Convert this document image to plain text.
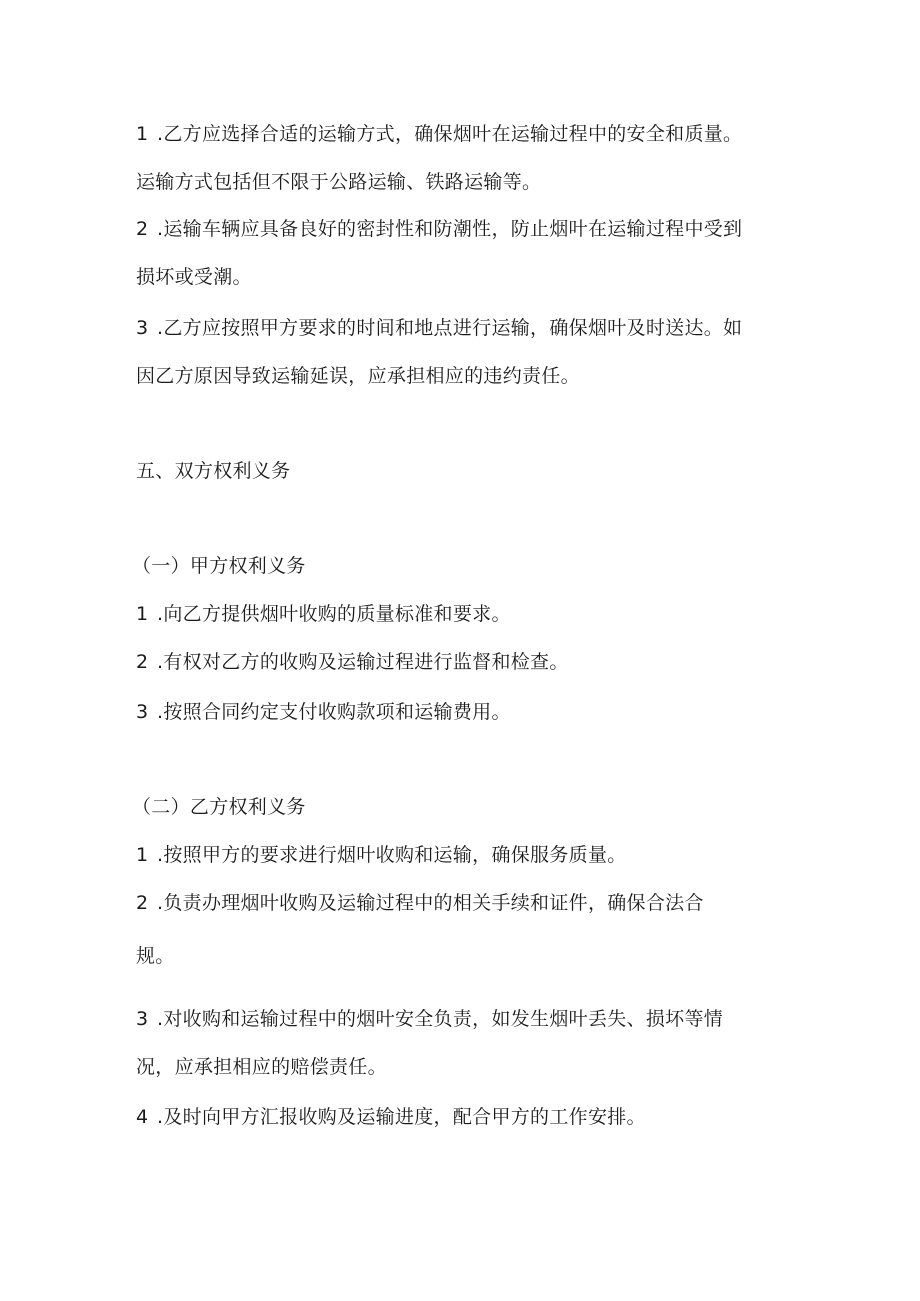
1 .乙方应选择合适的运输方式，确保烟叶在运输过程中的安全和质量。
运输方式包括但不限于公路运输、铁路运输等。
2 .运输车辆应具备良好的密封性和防潮性，防止烟叶在运输过程中受到
损坏或受潮。
3 .乙方应按照甲方要求的时间和地点进行运输，确保烟叶及时送达。如
因乙方原因导致运输延误，应承担相应的违约责任。
五、双方权利义务
（一）甲方权利义务
1 .向乙方提供烟叶收购的质量标准和要求。
2 .有权对乙方的收购及运输过程进行监督和检查。
3 .按照合同约定支付收购款项和运输费用。
（二）乙方权利义务
1 .按照甲方的要求进行烟叶收购和运输，确保服务质量。
2 .负责办理烟叶收购及运输过程中的相关手续和证件，确保合法合
规。
3 .对收购和运输过程中的烟叶安全负责，如发生烟叶丢失、损坏等情
况，应承担相应的赔偿责任。
4 .及时向甲方汇报收购及运输进度，配合甲方的工作安排。
